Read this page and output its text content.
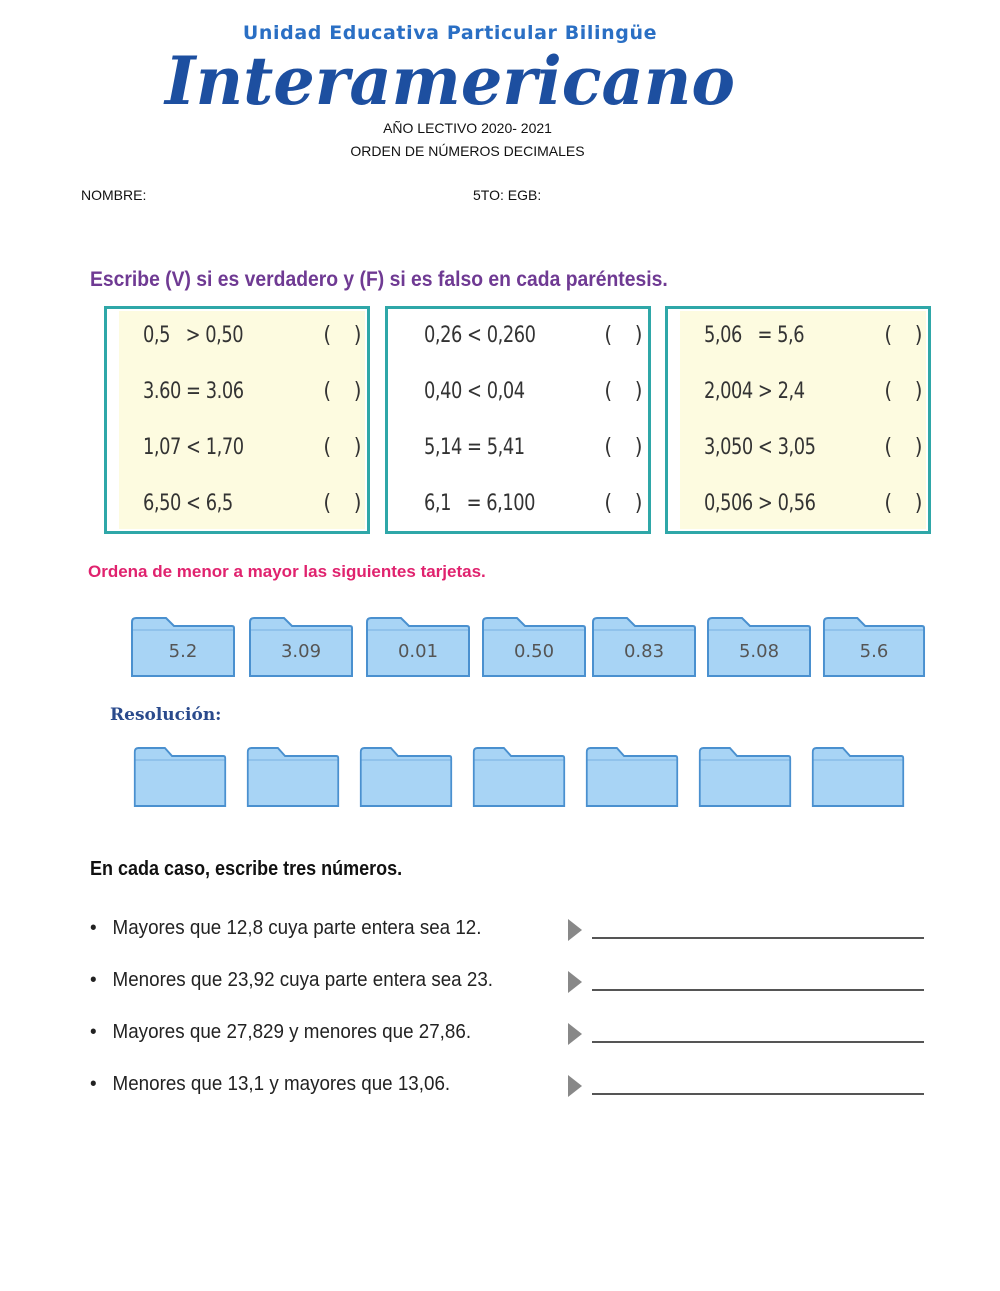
Unidad Educativa Particular Bilingüe
Interamericano
AÑO LECTIVO 2020- 2021
ORDEN DE NÚMEROS DECIMALES
NOMBRE:	5TO: EGB:
Escribe (V) si es verdadero y (F) si es falso en cada paréntesis.
0,5   > 0,50	(    )
3.60 = 3.06	(    )
1,07 < 1,70	(    )
6,50 < 6,5	(    )
0,26 < 0,260	(    )
0,40 < 0,04	(    )
5,14 = 5,41	(    )
6,1   = 6,100	(    )
5,06   = 5,6	(    )
2,004 > 2,4	(    )
3,050 < 3,05	(    )
0,506 > 0,56	(    )
Ordena de menor a mayor las siguientes tarjetas.
5.2	3.09	0.01	0.50	0.83	5.08	5.6
Resolución:
En cada caso, escribe tres números.
• Mayores que 12,8 cuya parte entera sea 12.
• Menores que 23,92 cuya parte entera sea 23.
• Mayores que 27,829 y menores que 27,86.
• Menores que 13,1 y mayores que 13,06.
